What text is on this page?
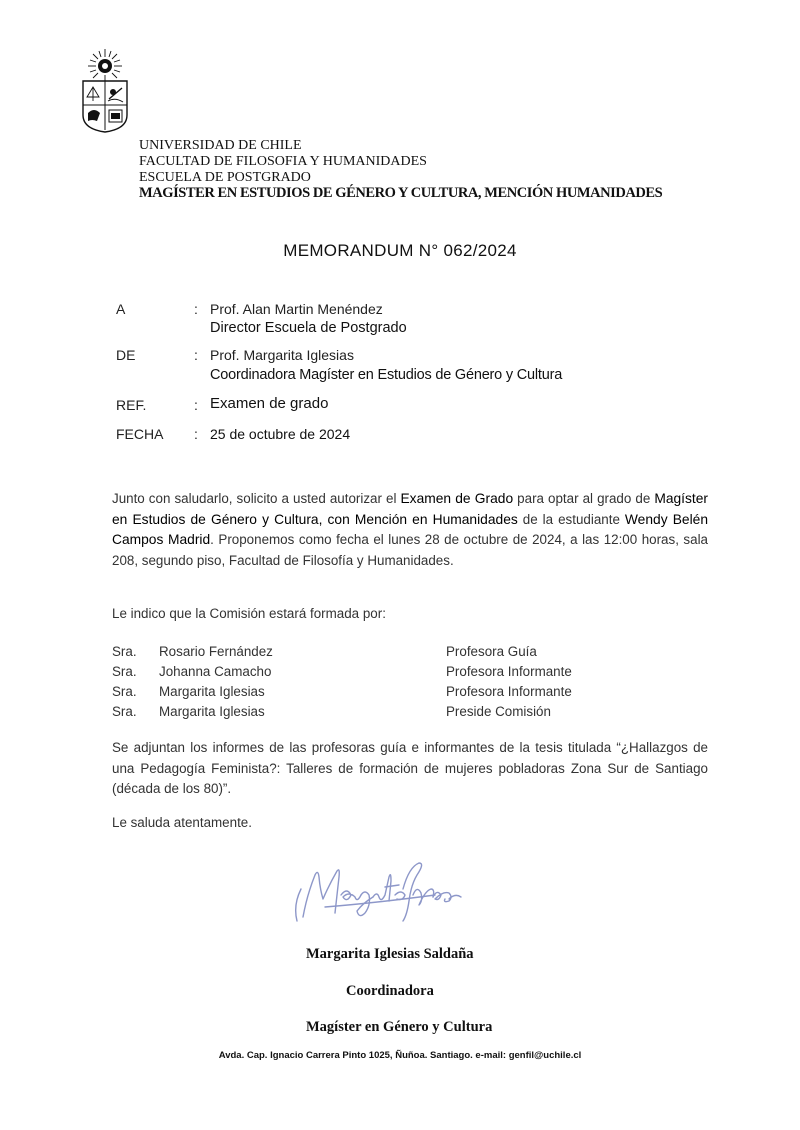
UNIVERSIDAD DE CHILE
FACULTAD DE FILOSOFIA Y HUMANIDADES
ESCUELA DE POSTGRADO
MAGÍSTER EN ESTUDIOS DE GÉNERO Y CULTURA, MENCIÓN HUMANIDADES
MEMORANDUM N° 062/2024
A	: Prof. Alan Martin Menéndez
Director Escuela de Postgrado
DE	: Prof. Margarita Iglesias
Coordinadora Magíster en Estudios de Género y Cultura
REF.	: Examen de grado
FECHA : 25 de octubre de 2024
Junto con saludarlo, solicito a usted autorizar el Examen de Grado para optar al grado de Magíster en Estudios de Género y Cultura, con Mención en Humanidades de la estudiante Wendy Belén Campos Madrid. Proponemos como fecha el lunes 28 de octubre de 2024, a las 12:00 horas, sala 208, segundo piso, Facultad de Filosofía y Humanidades.
Le indico que la Comisión estará formada por:
Sra. Rosario Fernández	Profesora Guía
Sra. Johanna Camacho	Profesora Informante
Sra. Margarita Iglesias	Profesora Informante
Sra. Margarita Iglesias	Preside Comisión
Se adjuntan los informes de las profesoras guía e informantes de la tesis titulada “¿Hallazgos de una Pedagogía Feminista?: Talleres de formación de mujeres pobladoras Zona Sur de Santiago (década de los 80)”.
Le saluda atentamente.
Margarita Iglesias Saldaña
Coordinadora
Magíster en Género y Cultura
Avda. Cap. Ignacio Carrera Pinto 1025, Ñuñoa. Santiago. e-mail: genfil@uchile.cl
